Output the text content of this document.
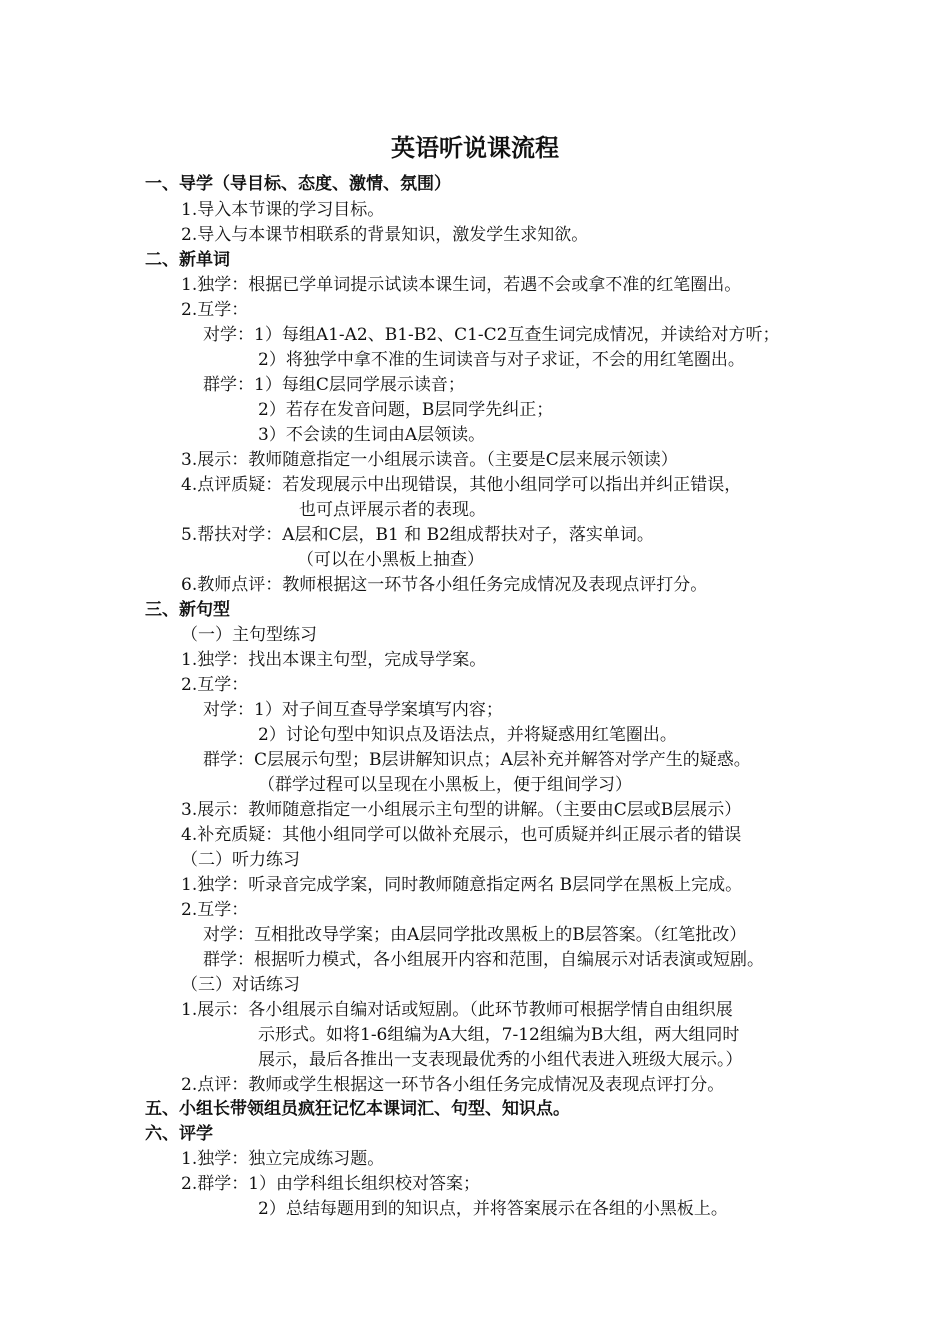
英语听说课流程
一、导学（导目标、态度、激情、氛围）
1.导入本节课的学习目标。
2.导入与本课节相联系的背景知识，激发学生求知欲。
二、新单词
1.独学：根据已学单词提示试读本课生词，若遇不会或拿不准的红笔圈出。
2.互学：
对学：1）每组A1-A2、B1-B2、C1-C2互查生词完成情况，并读给对方听；
2）将独学中拿不准的生词读音与对子求证，不会的用红笔圈出。
群学：1）每组C层同学展示读音；
2）若存在发音问题，B层同学先纠正；
3）不会读的生词由A层领读。
3.展示：教师随意指定一小组展示读音。（主要是C层来展示领读）
4.点评质疑：若发现展示中出现错误，其他小组同学可以指出并纠正错误，
也可点评展示者的表现。
5.帮扶对学：A层和C层，B1 和 B2组成帮扶对子，落实单词。
（可以在小黑板上抽查）
6.教师点评：教师根据这一环节各小组任务完成情况及表现点评打分。
三、新句型
（一）主句型练习
1.独学：找出本课主句型，完成导学案。
2.互学：
对学：1）对子间互查导学案填写内容；
2）讨论句型中知识点及语法点，并将疑惑用红笔圈出。
群学：C层展示句型；B层讲解知识点；A层补充并解答对学产生的疑惑。
（群学过程可以呈现在小黑板上，便于组间学习）
3.展示：教师随意指定一小组展示主句型的讲解。（主要由C层或B层展示）
4.补充质疑：其他小组同学可以做补充展示，也可质疑并纠正展示者的错误
（二）听力练习
1.独学：听录音完成学案，同时教师随意指定两名 B层同学在黑板上完成。
2.互学：
对学：互相批改导学案；由A层同学批改黑板上的B层答案。（红笔批改）
群学：根据听力模式，各小组展开内容和范围，自编展示对话表演或短剧。
（三）对话练习
1.展示：各小组展示自编对话或短剧。（此环节教师可根据学情自由组织展
示形式。如将1-6组编为A大组，7-12组编为B大组，两大组同时
展示，最后各推出一支表现最优秀的小组代表进入班级大展示。）
2.点评：教师或学生根据这一环节各小组任务完成情况及表现点评打分。
五、小组长带领组员疯狂记忆本课词汇、句型、知识点。
六、评学
1.独学：独立完成练习题。
2.群学：1）由学科组长组织校对答案；
2）总结每题用到的知识点，并将答案展示在各组的小黑板上。
